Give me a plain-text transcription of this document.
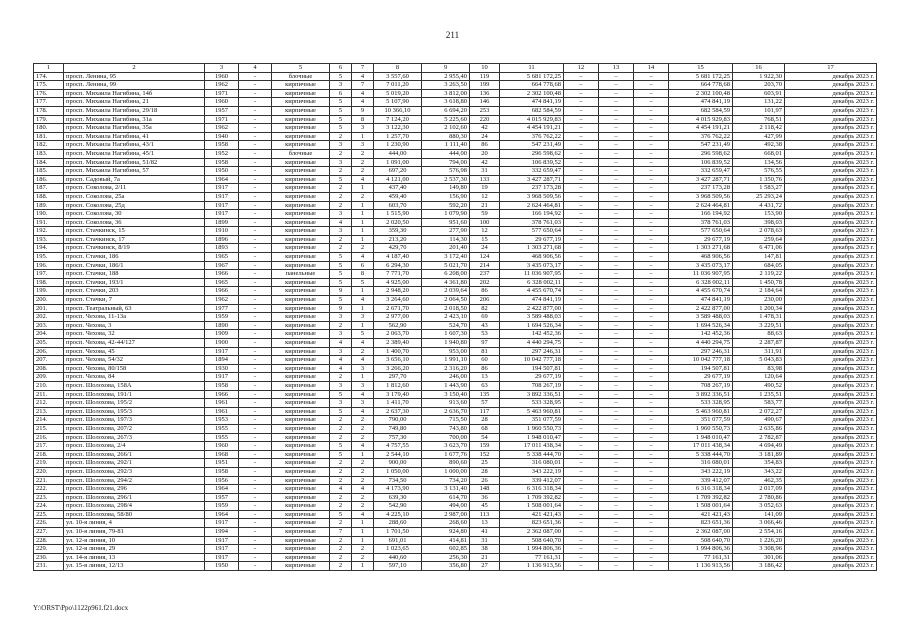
211
1	2	3	4	5	6	7	8	9	10	11	12	13	14	15	16	17
174.	просп. Ленина, 95	1960	-	блочные	5	4	3 557,60	2 955,40	119	5 681 172,25	–	–	–	5 681 172,25	1 922,30	декабрь 2023 г.
175.	просп. Ленина, 99	1962	-	кирпичные	3	7	7 011,20	3 263,50	199	664 778,68	–	–	–	664 778,68	203,70	декабрь 2023 г.
176.	просп. Михаила Нагибина, 14б	1971	-	кирпичные	6	4	5 019,20	3 812,00	136	2 302 100,48	–	–	–	2 302 100,48	603,91	декабрь 2023 г.
177.	просп. Михаила Нагибина, 21	1960	-	кирпичные	5	4	5 107,90	3 618,80	146	474 841,19	–	–	–	474 841,19	131,22	декабрь 2023 г.
178.	просп. Михаила Нагибина, 29/18	1957	-	кирпичные	5	9	10 366,10	6 694,20	253	682 584,59	–	–	–	682 584,59	101,97	декабрь 2023 г.
179.	просп. Михаила Нагибина, 31а	1971	-	кирпичные	5	8	7 124,20	5 225,60	220	4 015 929,83	–	–	–	4 015 929,83	768,51	декабрь 2023 г.
180.	просп. Михаила Нагибина, 35а	1962	-	кирпичные	5	3	3 122,30	2 102,60	42	4 454 191,21	–	–	–	4 454 191,21	2 118,42	декабрь 2023 г.
181.	просп. Михаила Нагибина, 41	1940	-	кирпичные	2	1	1 257,70	880,30	24	376 762,22	–	–	–	376 762,22	427,99	декабрь 2023 г.
182.	просп. Михаила Нагибина, 43/1	1958	-	кирпичные	3	3	1 230,90	1 111,40	86	547 231,49	–	–	–	547 231,49	492,38	декабрь 2023 г.
183.	просп. Михаила Нагибина, 45/1	1952	-	блочные	2	2	444,00	444,00	20	296 598,62	–	–	–	296 598,62	668,01	декабрь 2023 г.
184.	просп. Михаила Нагибина, 51/82	1958	-	кирпичные	3	2	1 091,00	794,00	42	106 839,52	–	–	–	106 839,52	134,56	декабрь 2023 г.
185.	просп. Михаила Нагибина, 57	1950	-	кирпичные	2	2	697,20	576,98	31	332 659,47	–	–	–	332 659,47	576,55	декабрь 2023 г.
186.	просп. Садовый, 7а	1964	-	кирпичные	5	4	4 121,00	2 537,30	133	3 427 287,71	–	–	–	3 427 287,71	1 350,76	декабрь 2023 г.
187.	просп. Соколова, 2/11	1917	-	кирпичные	2	1	437,40	149,80	19	237 173,28	–	–	–	237 173,28	1 583,27	декабрь 2023 г.
188.	просп. Соколова, 25а	1917	-	кирпичные	2	2	459,40	156,90	12	3 968 509,56	–	–	–	3 968 509,56	25 293,24	декабрь 2023 г.
189.	просп. Соколова, 25д	1917	-	кирпичные	2	1	603,70	592,20	21	2 624 464,81	–	–	–	2 624 464,81	4 431,72	декабрь 2023 г.
190.	просп. Соколова, 30	1917	-	кирпичные	3	1	1 515,90	1 079,90	59	166 194,92	–	–	–	166 194,92	153,90	декабрь 2023 г.
191.	просп. Соколова, 36	1899	-	кирпичные	4	1	2 020,50	951,60	100	378 761,03	–	–	–	378 761,03	398,03	декабрь 2023 г.
192.	просп. Стачкинск, 15	1910	-	кирпичные	3	1	359,30	277,90	12	577 650,64	–	–	–	577 650,64	2 078,63	декабрь 2023 г.
193.	просп. Стачкинск, 17	1896	-	кирпичные	2	1	213,20	114,30	15	29 677,19	–	–	–	29 677,19	259,64	декабрь 2023 г.
194.	просп. Стачкинск, 8/19	1893	-	кирпичные	2	2	429,70	201,40	24	1 303 271,68	–	–	–	1 303 271,68	6 471,06	декабрь 2023 г.
195.	просп. Стачки, 186	1965	-	кирпичные	5	4	4 187,40	3 172,40	124	468 906,56	–	–	–	468 906,56	147,81	декабрь 2023 г.
196.	просп. Стачки, 186/1	1967	-	кирпичные	5	6	6 294,30	5 021,70	214	3 435 073,17	–	–	–	3 435 073,17	684,05	декабрь 2023 г.
197.	просп. Стачки, 188	1966	-	панельные	5	8	7 771,70	6 208,00	237	11 036 907,95	–	–	–	11 036 907,95	2 119,22	декабрь 2023 г.
198.	просп. Стачки, 193/1	1965	-	кирпичные	5	5	4 925,00	4 361,80	202	6 328 002,11	–	–	–	6 328 002,11	1 450,78	декабрь 2023 г.
199.	просп. Стачки, 203	1966	-	кирпичные	9	1	2 948,20	2 039,64	86	4 455 670,74	–	–	–	4 455 670,74	2 184,64	декабрь 2023 г.
200.	просп. Стачки, 7	1962	-	кирпичные	5	4	3 264,60	2 064,50	206	474 841,19	–	–	–	474 841,19	230,00	декабрь 2023 г.
201.	просп. Театральный, 63	1977	-	кирпичные	9	1	2 671,70	2 018,50	82	2 422 877,00	–	–	–	2 422 877,00	1 200,34	декабрь 2023 г.
202.	просп. Чехова, 11-13а	1959	-	кирпичные	3	3	2 977,00	2 423,10	69	3 589 488,03	–	–	–	3 589 488,03	1 478,31	декабрь 2023 г.
203.	просп. Чехова, 3	1890	-	кирпичные	2	1	562,90	524,70	43	1 694 526,34	–	–	–	1 694 526,34	3 229,51	декабрь 2023 г.
204.	просп. Чехова, 32	1909	-	кирпичные	3	5	2 063,70	1 607,30	53	142 452,36	–	–	–	142 452,36	88,63	декабрь 2023 г.
205.	просп. Чехова, 42-44/127	1900	-	кирпичные	4	4	2 389,40	1 940,80	97	4 440 294,75	–	–	–	4 440 294,75	2 287,87	декабрь 2023 г.
206.	просп. Чехова, 45	1917	-	кирпичные	3	2	1 400,70	953,00	81	297 246,31	–	–	–	297 246,31	311,91	декабрь 2023 г.
207.	просп. Чехова, 54/32	1894	-	кирпичные	4	4	3 656,10	1 991,10	60	10 042 777,18	–	–	–	10 042 777,18	5 043,83	декабрь 2023 г.
208.	просп. Чехова, 80/158	1930	-	кирпичные	4	3	3 266,20	2 316,20	86	194 507,81	–	–	–	194 507,81	83,98	декабрь 2023 г.
209.	просп. Чехова, 84	1917	-	кирпичные	2	1	297,70	246,00	13	29 677,19	–	–	–	29 677,19	120,64	декабрь 2023 г.
210.	просп. Шолохова, 158А	1958	-	кирпичные	3	3	1 812,60	1 443,90	63	708 267,19	–	–	–	708 267,19	490,52	декабрь 2023 г.
211.	просп. Шолохова, 191/1	1966	-	кирпичные	5	4	3 179,40	3 150,40	135	3 892 336,51	–	–	–	3 892 336,51	1 235,51	декабрь 2023 г.
212.	просп. Шолохова, 195/2	1961	-	кирпичные	3	3	1 411,70	913,60	57	533 328,95	–	–	–	533 328,95	583,77	декабрь 2023 г.
213.	просп. Шолохова, 195/3	1961	-	кирпичные	5	4	2 637,30	2 636,70	117	5 463 960,81	–	–	–	5 463 960,81	2 072,27	декабрь 2023 г.
214.	просп. Шолохова, 197/3	1953	-	кирпичные	2	2	790,00	715,50	28	351 077,59	–	–	–	351 077,59	490,67	декабрь 2023 г.
215.	просп. Шолохова, 207/2	1955	-	кирпичные	2	2	749,80	743,80	68	1 960 550,73	–	–	–	1 960 550,73	2 635,86	декабрь 2023 г.
216.	просп. Шолохова, 267/3	1955	-	кирпичные	2	2	757,30	700,00	54	1 948 010,47	–	–	–	1 948 010,47	2 782,87	декабрь 2023 г.
217.	просп. Шолохова, 2/4	1960	-	кирпичные	5	4	4 757,55	3 623,70	159	17 011 438,34	–	–	–	17 011 438,34	4 694,49	декабрь 2023 г.
218.	просп. Шолохова, 266/1	1968	-	кирпичные	5	1	2 544,10	1 677,76	152	5 338 444,70	–	–	–	5 338 444,70	3 181,89	декабрь 2023 г.
219.	просп. Шолохова, 292/1	1951	-	кирпичные	2	2	900,00	890,60	25	316 080,01	–	–	–	316 080,01	354,83	декабрь 2023 г.
220.	просп. Шолохова, 292/3	1958	-	кирпичные	2	2	1 050,00	1 000,00	28	343 222,19	–	–	–	343 222,19	343,22	декабрь 2023 г.
221.	просп. Шолохова, 294/2	1956	-	кирпичные	2	2	734,50	734,20	26	339 412,07	–	–	–	339 412,07	462,35	декабрь 2023 г.
222.	просп. Шолохова, 296	1964	-	кирпичные	4	4	4 173,90	3 131,40	148	6 316 318,34	–	–	–	6 316 318,34	2 017,09	декабрь 2023 г.
223.	просп. Шолохова, 296/1	1957	-	кирпичные	2	2	639,30	614,70	36	1 709 392,82	–	–	–	1 709 392,82	2 780,86	декабрь 2023 г.
224.	просп. Шолохова, 298/4	1959	-	кирпичные	2	2	542,90	494,00	45	1 508 001,64	–	–	–	1 508 001,64	3 052,63	декабрь 2023 г.
225.	просп. Шолохова, 58/80	1964	-	кирпичные	5	4	4 225,10	2 987,00	113	421 421,43	–	–	–	421 421,43	141,09	декабрь 2023 г.
226.	ул. 10-я линия, 4	1917	-	кирпичные	2	1	288,60	268,60	13	823 651,36	–	–	–	823 651,36	3 066,46	декабрь 2023 г.
227.	ул. 10-я линия, 79-81	1994	-	кирпичные	7	1	1 701,50	924,80	41	2 362 087,00	–	–	–	2 362 087,00	2 554,16	декабрь 2023 г.
228.	ул. 12-я линия, 10	1917	-	кирпичные	2	1	691,01	414,81	31	508 640,70	–	–	–	508 640,70	1 226,20	декабрь 2023 г.
229.	ул. 12-я линия, 29	1917	-	кирпичные	2	2	1 023,65	602,85	38	1 994 806,36	–	–	–	1 994 806,36	3 308,96	декабрь 2023 г.
230.	ул. 14-я линия, 13	1917	-	кирпичные	2	2	440,60	256,30	21	77 161,31	–	–	–	77 161,31	301,06	декабрь 2023 г.
231.	ул. 15-я линия, 12/13	1950	-	кирпичные	2	1	597,10	356,80	27	1 136 913,56	–	–	–	1 136 913,56	3 186,42	декабрь 2023 г.
Y:\ORST\Ppo\1122p961.f21.docx
